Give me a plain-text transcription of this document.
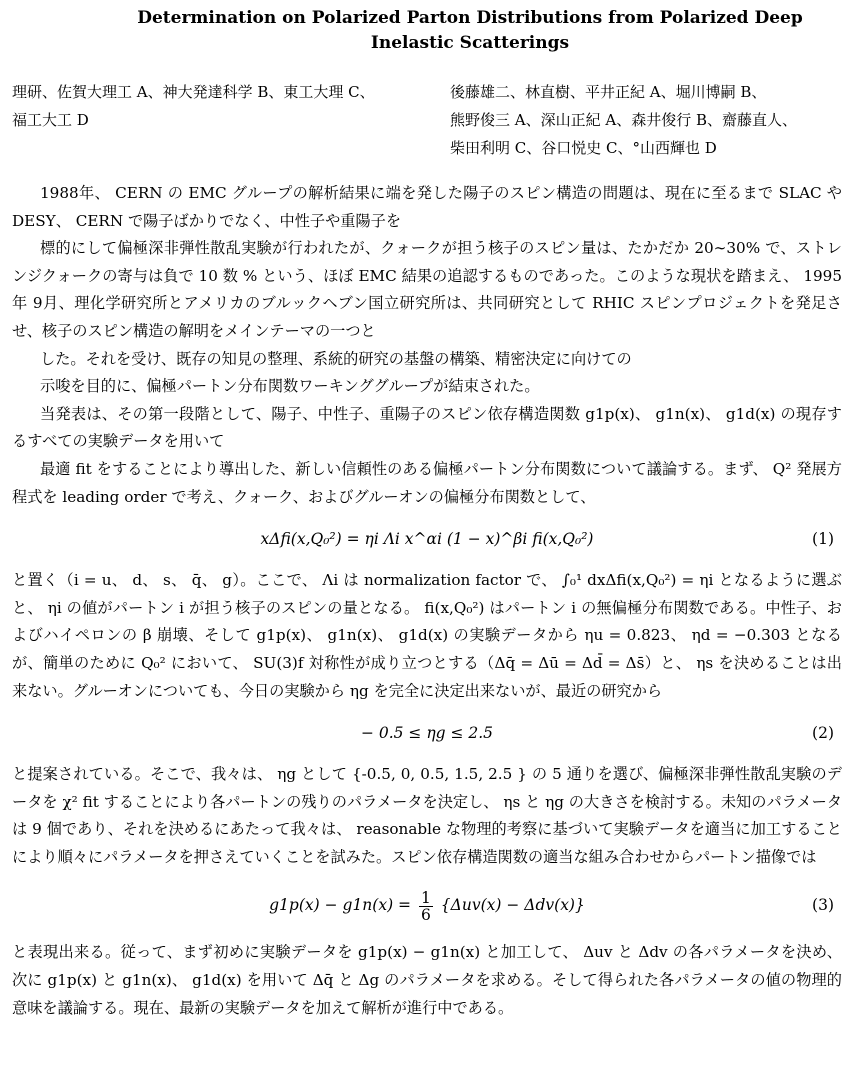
Determination on Polarized Parton Distributions from Polarized Deep
Inelastic Scatterings
理研、佐賀大理工 A、神大発達科学 B、東工大理 C、
福工大工 D
後藤雄二、林直樹、平井正紀 A、堀川博嗣 B、
熊野俊三 A、深山正紀 A、森井俊行 B、齋藤直人、
柴田利明 C、谷口悦史 C、°山西輝也 D

1988年、 CERN の EMC グループの解析結果に端を発した陽子のスピン構造の問題は、現在に至るまで SLAC や DESY、 CERN で陽子ばかりでなく、中性子や重陽子を

標的にして偏極深非弾性散乱実験が行われたが、クォークが担う核子のスピン量は、たかだか 20∼30% で、ストレンジクォークの寄与は負で 10 数 % という、ほぼ EMC 結果の追認するものであった。このような現状を踏まえ、 1995年 9月、理化学研究所とアメリカのブルックヘブン国立研究所は、共同研究として RHIC スピンプロジェクトを発足させ、核子のスピン構造の解明をメインテーマの一つと

した。それを受け、既存の知見の整理、系統的研究の基盤の構築、精密決定に向けての

示唆を目的に、偏極パートン分布関数ワーキンググループが結束された。

当発表は、その第一段階として、陽子、中性子、重陽子のスピン依存構造関数 g1p(x)、 g1n(x)、 g1d(x) の現存するすべての実験データを用いて

最適 fit をすることにより導出した、新しい信頼性のある偏極パートン分布関数について議論する。まず、 Q² 発展方程式を leading order で考え、クォーク、およびグルーオンの偏極分布関数として、

xΔfi(x,Q₀²) = ηi Λi x^αi (1 − x)^βi fi(x,Q₀²)	(1)

と置く（i = u、 d、 s、 q̄、 g）。ここで、 Λi は normalization factor で、 ∫₀¹ dxΔfi(x,Q₀²) = ηi となるように選ぶと、 ηi の値がパートン i が担う核子のスピンの量となる。 fi(x,Q₀²) はパートン i の無偏極分布関数である。中性子、およびハイペロンの β 崩壊、そして g1p(x)、 g1n(x)、 g1d(x) の実験データから ηu = 0.823、 ηd = −0.303 となるが、簡単のために Q₀² において、 SU(3)f 対称性が成り立つとする（Δq̄ = Δū = Δd̄ = Δs̄）と、 ηs を決めることは出来ない。グルーオンについても、今日の実験から ηg を完全に決定出来ないが、最近の研究から

− 0.5 ≤ ηg ≤ 2.5	(2)

と提案されている。そこで、我々は、 ηg として {-0.5, 0, 0.5, 1.5, 2.5 } の 5 通りを選び、偏極深非弾性散乱実験のデータを χ² fit することにより各パートンの残りのパラメータを決定し、 ηs と ηg の大きさを検討する。未知のパラメータは 9 個であり、それを決めるにあたって我々は、 reasonable な物理的考察に基づいて実験データを適当に加工することにより順々にパラメータを押さえていくことを試みた。スピン依存構造関数の適当な組み合わせからパートン描像では

$g1p(x) - g1n(x) = \frac{1}{6} \{\Delta uv(x) - \Delta dv(x)\}$	(3)

と表現出来る。従って、まず初めに実験データを g1p(x) − g1n(x) と加工して、 Δuv と Δdv の各パラメータを決め、次に g1p(x) と g1n(x)、 g1d(x) を用いて Δq̄ と Δg のパラメータを求める。そして得られた各パラメータの値の物理的意味を議論する。現在、最新の実験データを加えて解析が進行中である。
